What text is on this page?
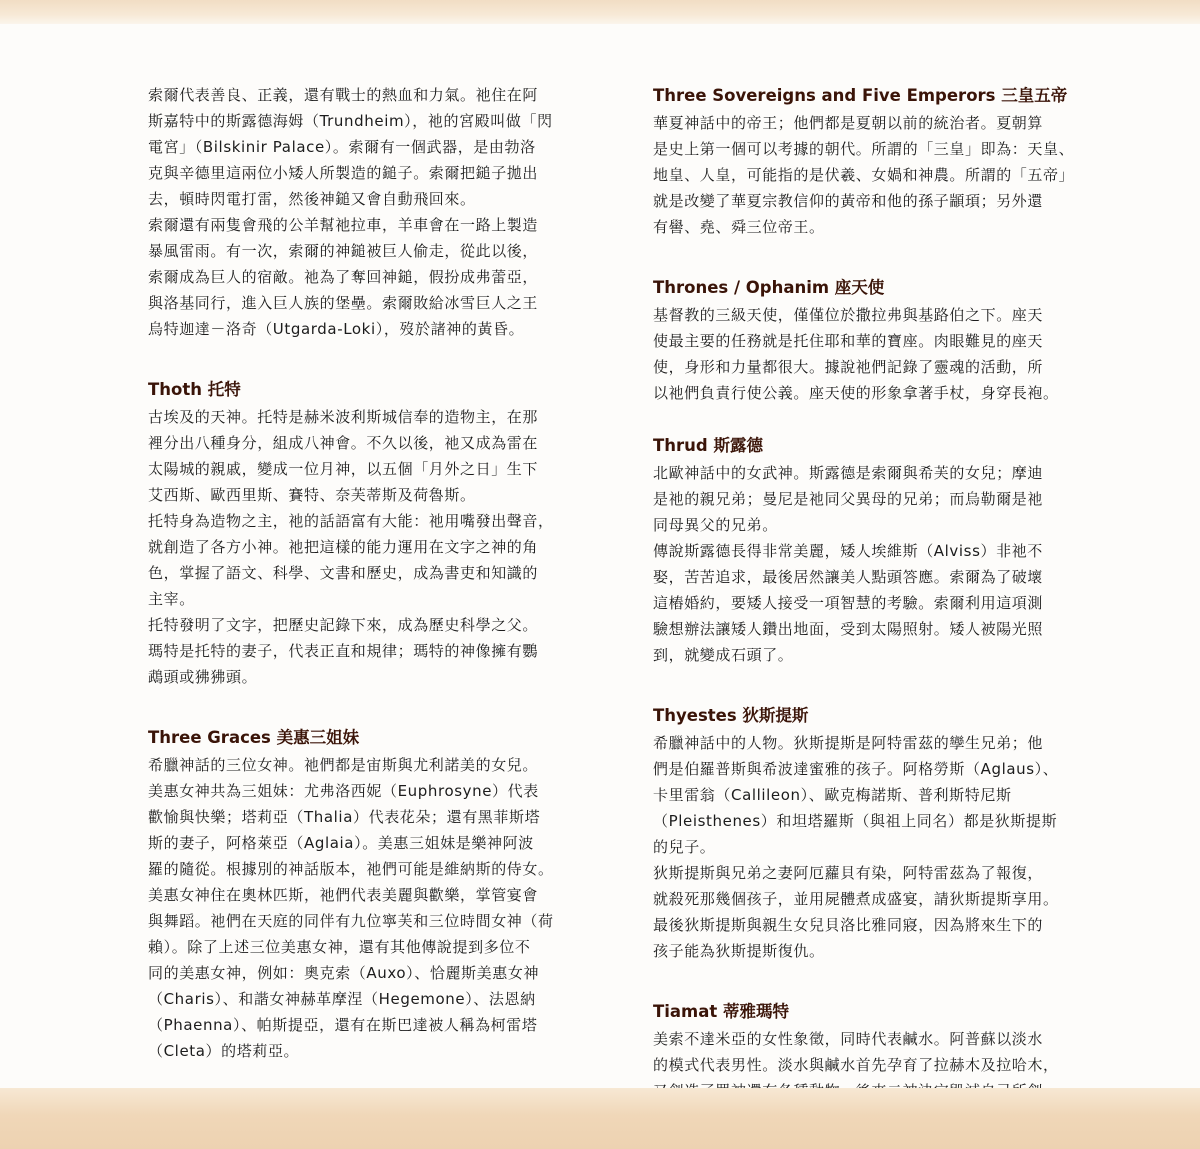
索爾代表善良、正義，還有戰士的熱血和力氣。祂住在阿
斯嘉特中的斯露德海姆（Trundheim），祂的宮殿叫做「閃
電宮」（Bilskinir Palace）。索爾有一個武器，是由勃洛
克與辛德里這兩位小矮人所製造的鎚子。索爾把鎚子拋出
去，頓時閃電打雷，然後神鎚又會自動飛回來。

索爾還有兩隻會飛的公羊幫祂拉車，羊車會在一路上製造
暴風雷雨。有一次，索爾的神鎚被巨人偷走，從此以後，
索爾成為巨人的宿敵。祂為了奪回神鎚，假扮成弗蕾亞，
與洛基同行，進入巨人族的堡壘。索爾敗給冰雪巨人之王
烏特迦達－洛奇（Utgarda-Loki），歿於諸神的黃昏。

Thoth 托特

古埃及的天神。托特是赫米波利斯城信奉的造物主，在那
裡分出八種身分，組成八神會。不久以後，祂又成為雷在
太陽城的親戚，變成一位月神，以五個「月外之日」生下
艾西斯、歐西里斯、賽特、奈芙蒂斯及荷魯斯。

托特身為造物之主，祂的話語富有大能：祂用嘴發出聲音，
就創造了各方小神。祂把這樣的能力運用在文字之神的角
色，掌握了語文、科學、文書和歷史，成為書吏和知識的
主宰。

托特發明了文字，把歷史記錄下來，成為歷史科學之父。
瑪特是托特的妻子，代表正直和規律；瑪特的神像擁有鸚
鵡頭或狒狒頭。

Three Graces 美惠三姐妹

希臘神話的三位女神。祂們都是宙斯與尤利諾美的女兒。
美惠女神共為三姐妹：尤弗洛西妮（Euphrosyne）代表
歡愉與快樂；塔莉亞（Thalia）代表花朵；還有黑菲斯塔
斯的妻子，阿格萊亞（Aglaia）。美惠三姐妹是樂神阿波
羅的隨從。根據別的神話版本，祂們可能是維納斯的侍女。
美惠女神住在奧林匹斯，祂們代表美麗與歡樂，掌管宴會
與舞蹈。祂們在天庭的同伴有九位寧芙和三位時間女神（荷
賴）。除了上述三位美惠女神，還有其他傳說提到多位不
同的美惠女神，例如：奧克索（Auxo）、恰麗斯美惠女神
（Charis）、和諧女神赫革摩涅（Hegemone）、法恩納
（Phaenna）、帕斯提亞，還有在斯巴達被人稱為柯雷塔
（Cleta）的塔莉亞。

Three Sovereigns and Five Emperors 三皇五帝

華夏神話中的帝王；他們都是夏朝以前的統治者。夏朝算
是史上第一個可以考據的朝代。所謂的「三皇」即為：天皇、
地皇、人皇，可能指的是伏羲、女媧和神農。所謂的「五帝」
就是改變了華夏宗教信仰的黃帝和他的孫子顓頊；另外還
有嚳、堯、舜三位帝王。

Thrones / Ophanim 座天使

基督教的三級天使，僅僅位於撒拉弗與基路伯之下。座天
使最主要的任務就是托住耶和華的寶座。肉眼難見的座天
使，身形和力量都很大。據說祂們記錄了靈魂的活動，所
以祂們負責行使公義。座天使的形象拿著手杖，身穿長袍。

Thrud 斯露德

北歐神話中的女武神。斯露德是索爾與希芙的女兒；摩迪
是祂的親兄弟；曼尼是祂同父異母的兄弟；而烏勒爾是祂
同母異父的兄弟。

傳說斯露德長得非常美麗，矮人埃維斯（Alviss）非祂不
娶，苦苦追求，最後居然讓美人點頭答應。索爾為了破壞
這樁婚約，要矮人接受一項智慧的考驗。索爾利用這項測
驗想辦法讓矮人鑽出地面，受到太陽照射。矮人被陽光照
到，就變成石頭了。

Thyestes 狄斯提斯

希臘神話中的人物。狄斯提斯是阿特雷茲的孿生兄弟；他
們是伯羅普斯與希波達蜜雅的孩子。阿格勞斯（Aglaus）、
卡里雷翁（Callileon）、歐克梅諾斯、普利斯特尼斯
（Pleisthenes）和坦塔羅斯（與祖上同名）都是狄斯提斯
的兒子。

狄斯提斯與兄弟之妻阿厄蘿貝有染，阿特雷茲為了報復，
就殺死那幾個孩子，並用屍體煮成盛宴，請狄斯提斯享用。
最後狄斯提斯與親生女兒貝洛比雅同寢，因為將來生下的
孩子能為狄斯提斯復仇。

Tiamat 蒂雅瑪特

美索不達米亞的女性象徵，同時代表鹹水。阿普蘇以淡水
的模式代表男性。淡水與鹹水首先孕育了拉赫木及拉哈木，
